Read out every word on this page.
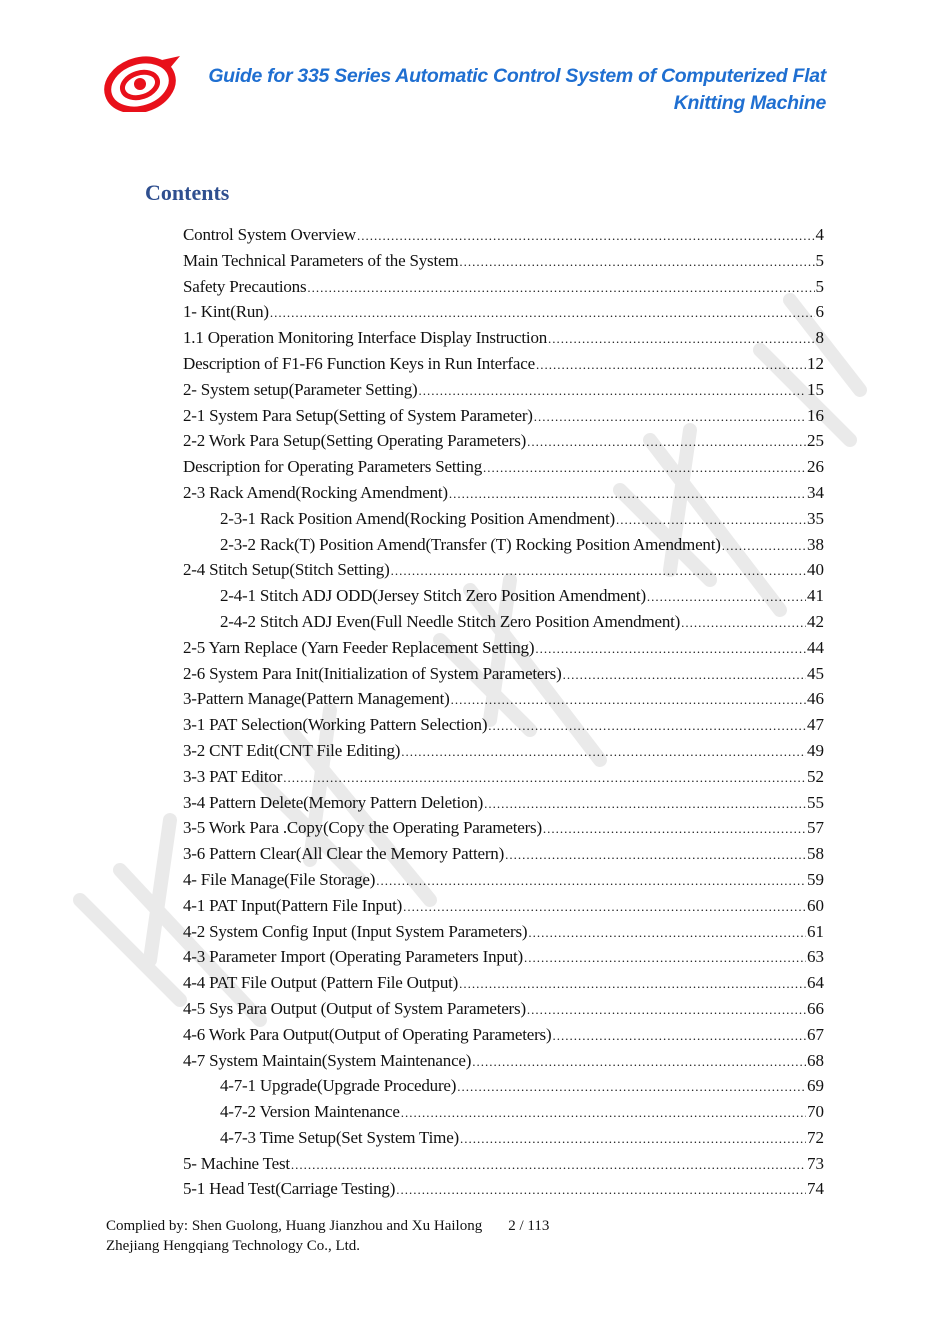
Guide for 335 Series Automatic Control System of Computerized Flat
Knitting Machine
Contents
Control System Overview .....	4
Main Technical Parameters of the System .....	5
Safety Precautions .....	5
1- Kint(Run) .....	6
1.1 Operation Monitoring Interface Display Instruction .....	8
Description of F1-F6 Function Keys in Run Interface .....	12
2- System setup(Parameter Setting) .....	15
2-1 System Para Setup(Setting of System Parameter) .....	16
2-2 Work Para Setup(Setting Operating Parameters) .....	25
Description for Operating Parameters Setting .....	26
2-3 Rack Amend(Rocking Amendment) .....	34
2-3-1 Rack Position Amend(Rocking Position Amendment) .....	35
2-3-2 Rack(T) Position Amend(Transfer (T) Rocking Position Amendment) .....	38
2-4 Stitch Setup(Stitch Setting) .....	40
2-4-1 Stitch ADJ ODD(Jersey Stitch Zero Position Amendment) .....	41
2-4-2 Stitch ADJ Even(Full Needle Stitch Zero Position Amendment) .....	42
2-5 Yarn Replace (Yarn Feeder Replacement Setting) .....	44
2-6 System Para Init(Initialization of System Parameters) .....	45
3-Pattern Manage(Pattern Management) .....	46
3-1 PAT Selection(Working Pattern Selection) .....	47
3-2 CNT Edit(CNT File Editing) .....	49
3-3 PAT Editor .....	52
3-4 Pattern Delete(Memory Pattern Deletion) .....	55
3-5 Work Para .Copy(Copy the Operating Parameters) .....	57
3-6 Pattern Clear(All Clear the Memory Pattern) .....	58
4- File Manage(File Storage) .....	59
4-1 PAT Input(Pattern File Input) .....	60
4-2 System Config Input (Input System Parameters) .....	61
4-3 Parameter Import (Operating Parameters Input) .....	63
4-4 PAT File Output (Pattern File Output) .....	64
4-5 Sys Para Output (Output of System Parameters) .....	66
4-6 Work Para Output(Output of Operating Parameters) .....	67
4-7 System Maintain(System Maintenance) .....	68
4-7-1 Upgrade(Upgrade Procedure) .....	69
4-7-2 Version Maintenance .....	70
4-7-3 Time Setup(Set System Time) .....	72
5- Machine Test .....	73
5-1 Head Test(Carriage Testing) .....	74
Complied by: Shen Guolong, Huang Jianzhou and Xu Hailong 2 / 113
Zhejiang Hengqiang Technology Co., Ltd.
